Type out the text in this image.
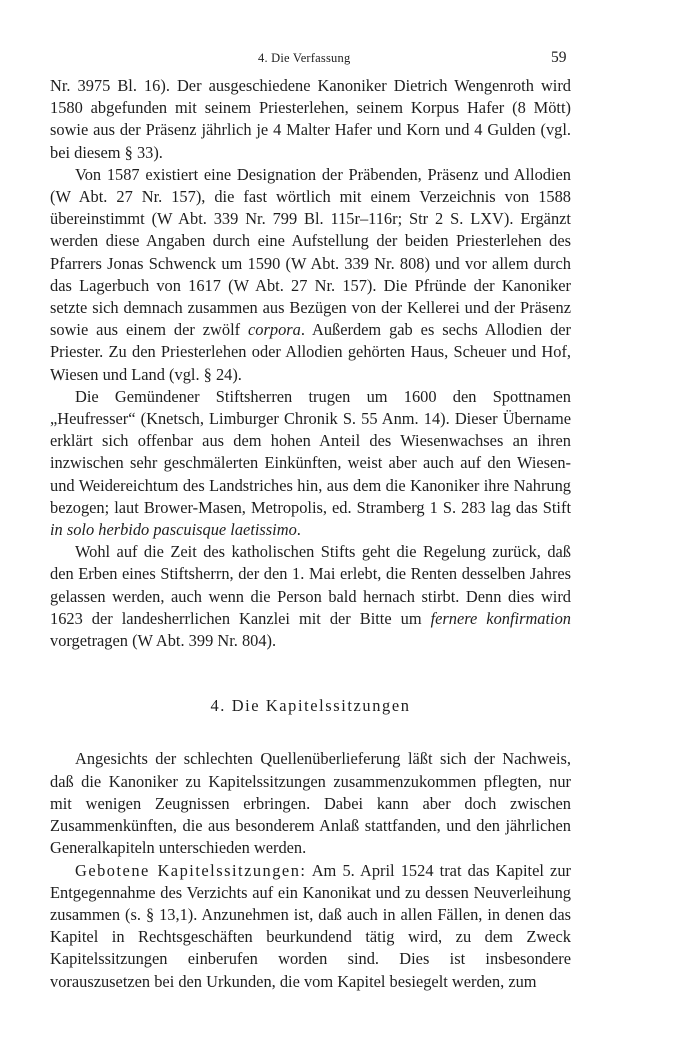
4. Die Verfassung	59

Nr. 3975 Bl. 16). Der ausgeschiedene Kanoniker Dietrich Wengenroth wird 1580 abgefunden mit seinem Priesterlehen, seinem Korpus Hafer (8 Mött) sowie aus der Präsenz jährlich je 4 Malter Hafer und Korn und 4 Gulden (vgl. bei diesem § 33).

Von 1587 existiert eine Designation der Präbenden, Präsenz und Allodien (W Abt. 27 Nr. 157), die fast wörtlich mit einem Verzeichnis von 1588 übereinstimmt (W Abt. 339 Nr. 799 Bl. 115r–116r; Str 2 S. LXV). Ergänzt werden diese Angaben durch eine Aufstellung der beiden Priesterlehen des Pfarrers Jonas Schwenck um 1590 (W Abt. 339 Nr. 808) und vor allem durch das Lagerbuch von 1617 (W Abt. 27 Nr. 157). Die Pfründe der Kanoniker setzte sich demnach zusammen aus Bezügen von der Kellerei und der Präsenz sowie aus einem der zwölf corpora. Außerdem gab es sechs Allodien der Priester. Zu den Priesterlehen oder Allodien gehörten Haus, Scheuer und Hof, Wiesen und Land (vgl. § 24).

Die Gemündener Stiftsherren trugen um 1600 den Spottnamen „Heufresser“ (Knetsch, Limburger Chronik S. 55 Anm. 14). Dieser Übername erklärt sich offenbar aus dem hohen Anteil des Wiesenwachses an ihren inzwischen sehr geschmälerten Einkünften, weist aber auch auf den Wiesen- und Weidereichtum des Landstriches hin, aus dem die Kanoniker ihre Nahrung bezogen; laut Brower-Masen, Metropolis, ed. Stramberg 1 S. 283 lag das Stift in solo herbido pascuisque laetissimo.

Wohl auf die Zeit des katholischen Stifts geht die Regelung zurück, daß den Erben eines Stiftsherrn, der den 1. Mai erlebt, die Renten desselben Jahres gelassen werden, auch wenn die Person bald hernach stirbt. Denn dies wird 1623 der landesherrlichen Kanzlei mit der Bitte um fernere konfirmation vorgetragen (W Abt. 399 Nr. 804).

4. Die Kapitelssitzungen

Angesichts der schlechten Quellenüberlieferung läßt sich der Nachweis, daß die Kanoniker zu Kapitelssitzungen zusammenzukommen pflegten, nur mit wenigen Zeugnissen erbringen. Dabei kann aber doch zwischen Zusammenkünften, die aus besonderem Anlaß stattfanden, und den jährlichen Generalkapiteln unterschieden werden.

Gebotene Kapitelssitzungen: Am 5. April 1524 trat das Kapitel zur Entgegennahme des Verzichts auf ein Kanonikat und zu dessen Neuverleihung zusammen (s. § 13,1). Anzunehmen ist, daß auch in allen Fällen, in denen das Kapitel in Rechtsgeschäften beurkundend tätig wird, zu dem Zweck Kapitelssitzungen einberufen worden sind. Dies ist insbesondere vorauszusetzen bei den Urkunden, die vom Kapitel besiegelt werden, zum
